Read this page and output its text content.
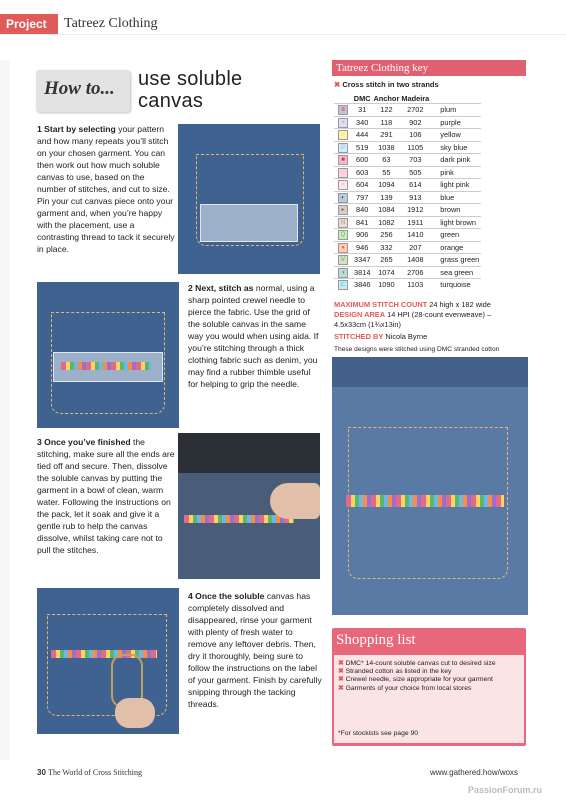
Project	Tatreez Clothing
How to... use soluble
canvas
1 Start by selecting your pattern and how many repeats you’ll stitch on your chosen garment. You can then work out how much soluble canvas to use, based on the number of stitches, and cut to size. Pin your cut canvas piece onto your garment and, when you’re happy with the placement, use a contrasting thread to tack it securely in place.
2 Next, stitch as normal, using a sharp pointed crewel needle to pierce the fabric. Use the grid of the soluble canvas in the same way you would when using aida. If you’re stitching through a thick clothing fabric such as denim, you may find a rubber thimble useful for helping to grip the needle.
3 Once you’ve finished the stitching, make sure all the ends are tied off and secure. Then, dissolve the soluble canvas by putting the garment in a bowl of clean, warm water. Following the instructions on the pack, let it soak and give it a gentle rub to help the canvas dissolve, whilst taking care not to pull the stitches.
4 Once the soluble canvas has completely dissolved and disappeared, rinse your garment with plenty of fresh water to remove any leftover debris. Then, dry it thoroughly, being sure to follow the instructions on the label of your garment. Finish by carefully snipping through the tacking threads.
Tatreez Clothing key
✖ Cross stitch in two strands
	DMC	Anchor	Madeira	
≡	31	122	2702	plum
+	340	118	902	purple
☆	444	291	106	yellow
P	519	1038	1105	sky blue
■	600	63	703	dark pink
♡	603	55	505	pink
✕	604	1094	614	light pink
◐	797	139	913	blue
▸	840	1084	1912	brown
N	841	1082	1911	light brown
Q	906	256	1410	green
●	946	332	207	orange
V	3347	265	1408	grass green
◑	3814	1074	2706	sea green
⊏	3846	1090	1103	turquoise
MAXIMUM STITCH COUNT 24 high x 182 wide
DESIGN AREA 14 HPI (28-count evenweave) – 4.5x33cm (1¾x13in)
STITCHED BY Nicola Byrne
These designs were stitched using DMC stranded cotton
Shopping list
✖ DMC* 14-count soluble canvas cut to desired size
✖ Stranded cotton as listed in the key
✖ Crewel needle, size appropriate for your garment
✖ Garments of your choice from local stores
*For stockists see page 90
30 The World of Cross Stitching	www.gathered.how/woxs
PassionForum.ru
